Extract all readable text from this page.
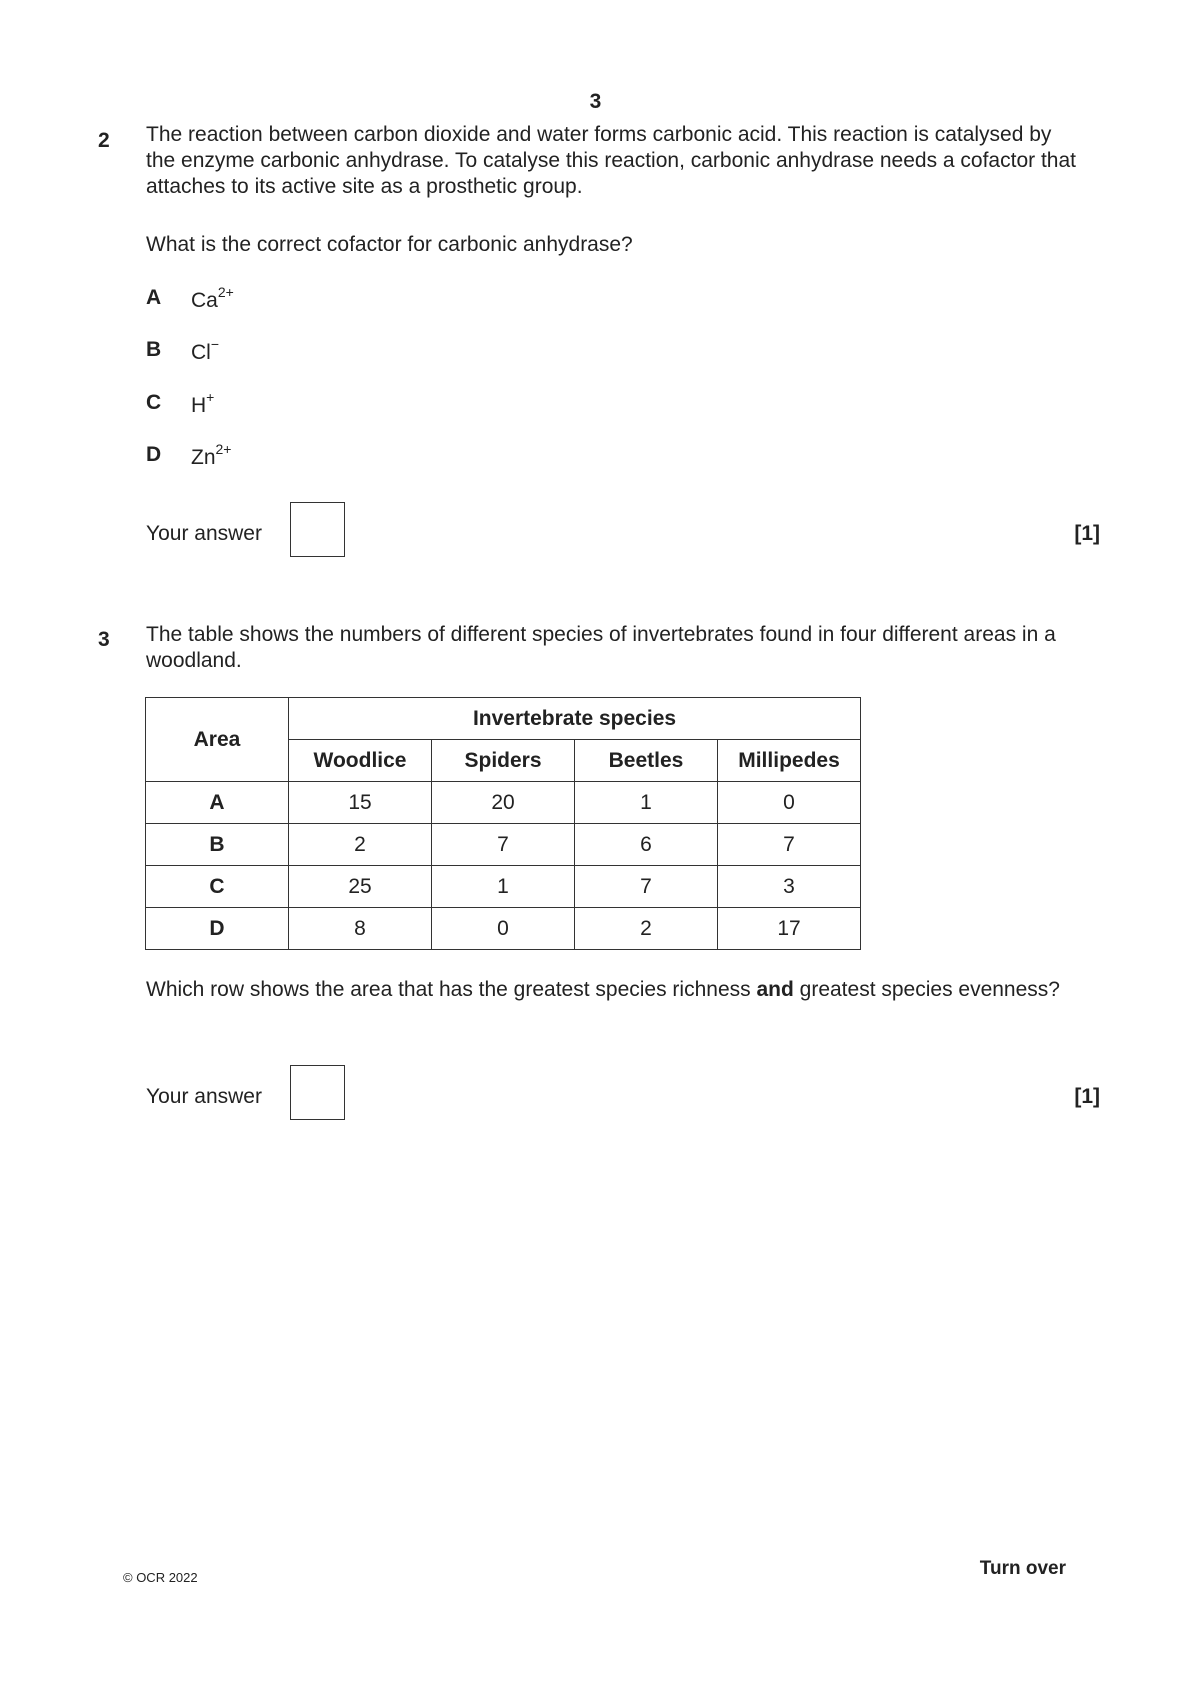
3
2 The reaction between carbon dioxide and water forms carbonic acid. This reaction is catalysed by the enzyme carbonic anhydrase. To catalyse this reaction, carbonic anhydrase needs a cofactor that attaches to its active site as a prosthetic group.
What is the correct cofactor for carbonic anhydrase?
A $Ca^{2+}$
B Cl−
C H+
D $Zn^{2+}$
Your answer	[1]
3 The table shows the numbers of different species of invertebrates found in four different areas in a woodland.
Area	Invertebrate species			
	Woodlice	Spiders	Beetles	Millipedes
A	15	20	1	0
B	2	7	6	7
C	25	1	7	3
D	8	0	2	17
Which row shows the area that has the greatest species richness and greatest species evenness?
Your answer	[1]
© OCR 2022	Turn over
